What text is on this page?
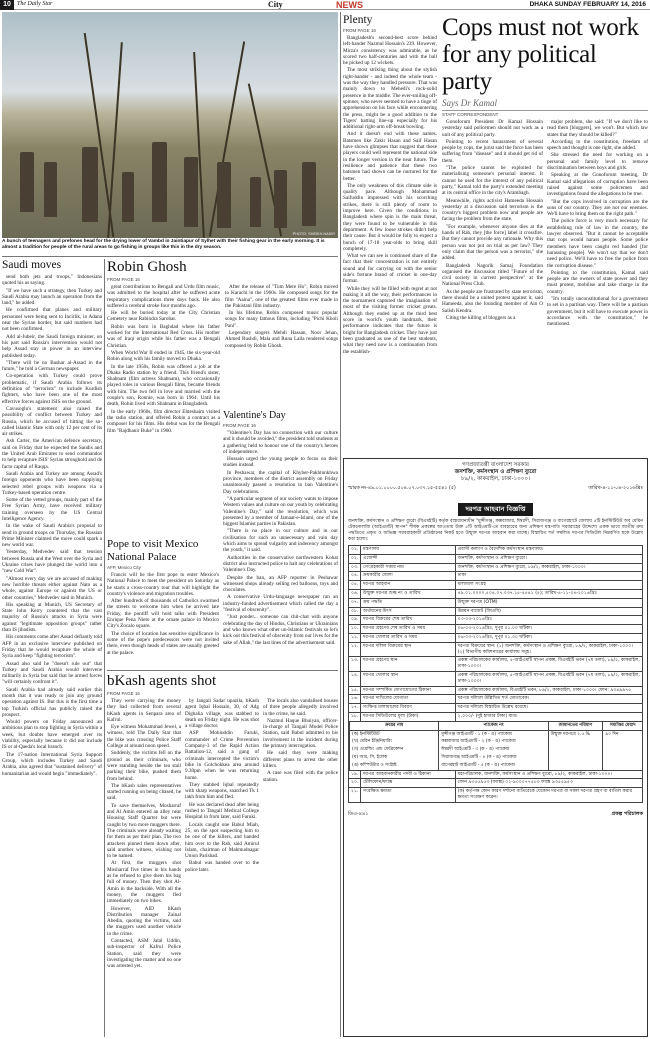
10	The Daily Star	City	NEWS	DHAKA SUNDAY FEBRUARY 14, 2016
PHOTO: SHEIKH NASIR
A bunch of teenagers and prefones head for the drying lower of Vambd in Jaintiapur of Sylhet with their fishing gear in the early morning. It is almost a tradition for people of the rural areas to go fishing in groups like this in the dry season.
Saudi moves

send both jets and troops," Indonesians quoted his as saying.

"If we have such a strategy, then Turkey and Saudi Arabia may launch an operation from the land," he added.

He confirmed that planes and military personnel were being sent to Incirlik, in Adana near the Syrian border, but said numbers had not been confirmed.

Add al-Jubeir, the Saudi foreign minister, on his part said Russia's intervention would not help Assad stay in power in an interview published today.

"There will be no Bashar al-Assad in the future," he told a German newspaper.

Co-operation with Turkey could prove problematic, if Saudi Arabia follows its definition of "terrorists" to include Kurdish fighters, who have been one of the most effective forces against ISIS on the ground.

Cavusoglu's statement also raised the possibility of conflict between Turkey and Russia, which he accused of hitting the so-called Islamic State with only 12 per cent of its air strikes.

Ash Carter, the American defence secretary, said on Friday that he expected the Saudis and the United Arab Emirates to send commandos to help recapture ISIS' Syrian stronghold and de facto capital of Raqqa.

Saudi Arabia and Turkey are among Assad's foreign opponents who have been supplying selected rebel groups with weapons via a Turkey-based operation centre.

Some of the vetted groups, mainly part of the Free Syrian Army, have received military training overseen by the US Central Intelligence Agency.

In the wake of Saudi Arabia's proposal to send in ground troops on Thursday, the Russian Prime Minister claimed the move could spark a new world war.

Yesterday, Medvedev said that tension between Russia and the West over the Syria and Ukraine crises have plunged the world into a "new Cold War".

"Almost every day we are accused of making new horrible threats either against Nato as a whole, against Europe or against the US or other countries," Medvedev said in Munich.

His speaking at Munich, US Secretary of State John Kerry countered that the vast majority of Russia's attacks in Syria were against "legitimate opposition groups" rather than IS jihadists.

His comments come after Assad defiantly told AFP in an exclusive interview published on Friday that he would recapture the whole of Syria and keep "fighting terrorism".

Assad also said he "doesn't rule out" that Turkey and Saudi Arabia would intervene militarily in Syria but said that he armed forces "will certainly confront it".

Saudi Arabia had already said earlier this month that it was ready to join any ground operation against IS. But this is the first time a top Turkish official has publicly raised the prospect.

Would powers on Friday announced an ambitious plan to stop fighting in Syria within a week, but doubts have emerged over its viability, especially because it did not include IS or al-Qaeda's local branch.

The 17-nation International Syria Support Group, which includes Turkey and Saudi Arabia, also agreed that "sustained delivery" of humanitarian aid would begin "immediately".

Robin Ghosh
FROM PAGE 16

great contributions to Bengali and Urdu film music, was admitted to the hospital after he suffered acute respiratory complications three days back. He also suffered a cerebral stroke four months ago.

He will be buried today at the City Christian Cemetery near Rabindra Sarobar.

Robin was born in Baghdad where his father worked for the International Red Cross. His mother was of Iraqi origin while his father was a Bengali Christian.

When World War II ended in 1945, the six-year-old Robin along with his family moved to Dhaka.

In the late 1950s, Robin was offered a job at the Dhaka Radio station by a friend. This friend's sister, Shabnam (film actress Shabnam), who occasionally played roles in various Bengali films, became friends with him. The two fell in love and married with the couple's son, Ronnie, was born in 1964. Until his death, Robin lived with Shabnam in Bangladesh.

In the early 1960s, film director Ehteshaim visited the radio station, and offered Robin a contract as a composer for his films. His debut was for the Bengali film "Rajdhanir Buke" in 1960.

After the release of "Tum Mere Ho", Robin moved to Karachi in the 1960s. He composed songs for the film "Aaina", one of the greatest films ever made in the Pakistani film industry.

In his lifetime, Robin composed music popular songs for many famous films, including "Pichi Kholi Pani".

Legendary singers Mehdi Hassan, Noor Jehan, Ahmed Rushdi, Mala and Runa Laila rendered songs composed by Robin Ghosh.

Valentine's Day
FROM PAGE 16

"Valentine's Day has no connection with our culture and it should be avoided," the president told students at a gathering held to honour one of the country's heroes of independence.

Hussain urged the young people to focus on their studies instead.

In Peshawar, the capital of Khyber-Pakhtunkhwa province, members of the district assembly on Friday unanimously passed a resolution to ban Valentine's Day celebrations.

"A particular segment of our society wants to impose Western values and culture on our youth by celebrating Valentine's Day," said the resolution, which was presented by a member of Jamaat-e-Islami, one of the biggest Islamist parties in Pakistan.

"There is no place in our culture and in our civilisation for such an unnecessary and vain day which aims to spread vulgarity and indecency amongst the youth," it said.

Authorities in the conservative northwestern Kohat district also instructed police to halt any celebrations of Valentine's Day.

Despite the ban, an AFP reporter in Peshawar witnessed shops already selling red balloons, toys and chocolates.

A conservative Urdu-language newspaper ran an industry-funded advertisement which called the day a "festival of obscenity".

"Just ponder... someone can chit-chat with anyone celebrating the day of Hindus, Christians or Ukrainians and who knows what other un-Islamic festivals so let's kick out this festival of obscenity from our lives for the sake of Allah," the last lines of the advertisement said.

Pope to visit Mexico National Palace
AFP, Mexico City

Francis will be the first pope to enter Mexico's National Palace to meet the president on Saturday as he starts a cross-country tour that will highlight the country's violence and migration troubles.

After hundreds of thousands of Catholics swarmed the streets to welcome him when he arrived late Friday, the pontiff will hold talks with President Enrique Pena Nieto at the ornate palace in Mexico City's Zocalo square.

The choice of location has sensitive significance in some of the pope's predecessors were not invited there, even though heads of states are usually greeted at the palace.

bKash agents shot
FROM PAGE 16

They were carrying the money they had collected from several bKash agents in Senpara area of Kafrul.

Eye witness Mohammad Jewel, a witness, told The Daily Star that the bike was crossing Police Staff College at around noon speed.

Suddenly, the victims fell on the ground as their criminals, who were standing beside the tea stall parking their bike, pushed them from behind.

The bKash sales representatives started running on being chased, he said.

To save themselves, Mosharraf and Al Amin entered an alley near Housing Staff Quarter but were caught by two more muggers there. The criminals were already waiting for them as per their plan. The two attackers pinned them down after, said another witness, wishing not to be named.

At first, the muggers shot Mosharraf five times in his hands as he refused to give them his bag full of money. Then they shot Al-Amin in the backside. With all the money, the muggers fled immediately on two bikes.

However, AID bKash Distribution manager Zainal Abedin, quoting the victims, said the muggers used another vehicle in the crime.

Contacted, ASM Jalal Uddin, sub-inspector of Kafrul Police Station, said they were investigating the matter and no one was arrested yet.

by Jangali Sadar upazila, bKash agent Iqbal Hossain, 30, of Adg Dighalia village, was stabbed to death on Friday night. He was shot a village doctor.

ASP Mohiuddin Faruki, commander of Crime Prevention Company-3 of the Rapid Action Battalion-12, said a gang of criminals intercepted the victim's bike in Golchokkea area around 9.30pm when he was returning home.

They stabbed Iqbal repeatedly with sharp weapons, snatched Tk 1 lakh from him and fled.

He was declared dead after being rushed to Tangail Medical College Hospital in from later, said Faruki.

Locals caught one Babul Miah, 25, on the spot suspecting him to be one of the killers, and handed him over to the Rab, said Amirul Islam, chairman of Mahmudnagar Union Parishad.

Babul was handed over to the police later.

The locals also vandalised houses of three people allegedly involved in the crime, he said.

Nazmul Haque Bhuiyan, officer-in-charge of Tangail Model Police Station, said Babul admitted to his involvement in the incident during the primary interrogation.

He said they were making different plans to arrest the other killers.

A case was filed with the police station.

Plenty
FROM PAGE 16

Bangladesh's second-best score behind left-hander Nazmul Hossain's 239. However, Mirza's consistency was admirable, as he scored two half-centuries and with the ball he picked up 12 wickets.

The most striking thing about the stylish right-hander - and indeed the whole team - was the way they handled pressure. That was mainly down to Mehedi's rock-solid presence in the middle. The ever-smiling off-spinner, who never seemed to have a tinge of apprehension on his face while encountering the press, might be a good addition to the Tigers' batting line-up especially for his additional right-arm off-break bowling.

And it doesn't end with these names. Batsmen like Zakir Hasan and Saif Hasan have shown glimpses that suggest that these players could well represent the national side in the longer version in the near future. The resilience and patience that these two batsmen had shown can be nurtured for the better.

The only weakness of this climate side is quality pace. Although Mohammad Saifuddin impressed with his scorching strikes, there is still plenty of room to improve here. Given the conditions in Bangladesh where spin is the main threat, they were found to be vulnerable in this department. A few loose strokes didn't help their cause. But it would be folly to expect a bunch of 17-18 year-olds to bring skill completely.

What we can see is continued share of the fact that their concentration is not entirely sound and for carrying on with the senior side's fortune brand of cricket in one-day format.

While they will be filled with regret at not making it all the way, their performances in the tournament captured the imagination of most of the visiting former cricket greats. Although they ended up at the third best score in world's youth landmark, their performance indicates that the future is bright for Bangladesh cricket. They have just been graduated as one of the best students, what they need now is a continuation from the establish-

Cops must not work for any political party
Says Dr Kamal
STAFF CORRESPONDENT

Gonoforum President Dr Kamal Hossain yesterday said policemen should not work as a unit of any political party.

Pointing to recent harassment of several people by cops, the jurist said the force has been suffering from "disease" and it should get rid of them.

"The police cannot be exploited for materialising someone's personal interest. It cannot be used for the interest of any political party," Kamal told the party's extended meeting at its central office in the city's Arambagh.

Meanwhile, rights activist Hameeda Hossain yesterday at a discussion said terrorism is the country's biggest problem now and people are facing the problem from the state.

"For example, whenever anyone dies at the hands of Rab, they [the force] label it crossfire. But they cannot provide any rationale. Why this person was not put on trial as per law? They only claim that the person was a terrorist," she added.

Bangladesh Nagorik Samaj Foundation organised the discussion titled "Future of the civil society in current perspective" at the National Press Club.

As the people are frustrated by state terrorism, there should be a united protest against it, said Hameeda, also the founding member of Ain O Salish Kendra.

Citing the killing of bloggers as a

major problem, she said: "If we don't like to read them [bloggers], we won't. But which law states that they should be killed?"

According to the constitution, freedom of speech and thought is one right, she added.

She stressed the need for working on a personal and family level to remove discrimination between boys and girls.

Speaking at the Gonoforum meeting, Dr Kamal said allegations of corruption have been raised against some policemen and investigations found the allegations to be true.

"But the cops involved in corruption are the sons of our country. They are not our enemies. We'll have to bring them on the right path."

The police force is very much necessary for establishing rule of law in the country, the lawyer observed. "But it cannot be acceptable that cops would harass people. Some police members have been caught red handed [for harassing people]. We won't say that we don't need police. We'll have to free the police from the corruption disease."

Pointing to the constitution, Kamal said people are the owners of state power and they must protest, mobilise and take charge in the country.

"It's totally unconstitutional for a government to set in a partisan way. There will be a partisan government, but it will have to execute power in accordance with the constitution," he mentioned.

গণপ্রজাতন্ত্রী বাংলাদেশ সরকার
জনশক্তি, কর্মসংস্থান ও প্রশিক্ষণ ব্যুরো
৮৯/২, কাকরাইল, ঢাকা-১০০০।
স্মারক নং-৪৯.০১.০০০০.৫০৪.০৭.০৩৭.১৫-৫৫৪১ (৫)	তারিখ-৪-১১-০৪-২০১৬খ্রিঃ
দরপত্র আহবান বিজ্ঞপ্তি
জনশক্তি, কর্মসংস্থান ও প্রশিক্ষণ ব্যুরো (বিএমইটি) কর্তৃক বাস্তবায়নাধীন "মুন্সীগঞ্জ, কক্সবাজার, ঈশ্বরদী, সিরাজগঞ্জ ও বাগেরহাটে জেলায় ৫টি ইনস্টিটিউট অব মেরিন টেকনোলজি (আইএমটি) স্থাপন" শীর্ষক প্রকল্পের আওতায় উক্ত ৫টি আইএমটি-তে ব্যবহারের জন্য প্রশিক্ষণ যন্ত্রপাতি সরবরাহের উদ্দেশ্যে একক ভাবে জাতীয় ক্রয় পদ্ধতিতে প্রকৃত ও অভিজ্ঞ সরবরাহকারী প্রতিষ্ঠানের নিকট হতে উন্মুক্ত দরপত্র আহবান করা যাচ্ছে। বিস্তারিত শর্ত সম্বলিত দরপত্র সিডিউল নিম্নবর্ণিত ছকে উল্লেখ করা হলোঃ
০১. মন্ত্রণালয়	প্রবাসী কল্যাণ ও বৈদেশিক কর্মসংস্থান মন্ত্রণালয়।
০২. এজেন্সী	জনশক্তি, কর্মসংস্থান ও প্রশিক্ষণ ব্যুরো।
০৩. সেংগ্রহকারী সত্তার নাম	জনশক্তি, কর্মসংস্থান ও প্রশিক্ষণ ব্যুরো, ৮৯/২, কাকরাইল, ঢাকা-১০০০।
০৪. ক্রয়কারীর জেলা	ঢাকা
০৫. দরপত্র আহবান	মালামাল সংগ্রহ
০৬. উন্মুক্ত দরপত্র শুল্ক নং ও তারিখ	৪৯.০১.০০০০.৫০৪.০৭.০৩৭.১৫-৫৫৪১ (৫); তারিখ-৪-১১-০৪-২০১৬খ্রিঃ
০৭. ক্রয় পদ্ধতি	উন্মুক্ত দরপত্র (OTM)
০৮. অর্থায়নের উৎস	উন্নয়ন বাজেট (জিওবি)
০৯. দরপত্র বিক্রয়ের শেষ তারিখ	০৩-০৩-২০১৬খ্রিঃ
১০. দরপত্র গ্রহণের শেষ তারিখ ও সময়	০৬-০৩-২০১৬খ্রিঃ, দুপুর ০১.০০ ঘটিকা।
১১. দরপত্র খোলার তারিখ ও সময়	০৬-০৩-২০১৬খ্রিঃ, দুপুর ০১.৩০ ঘটিকা।
১২. দরপত্র দলিল বিক্রয়ের স্থান	দরপত্র বিক্রয়ের স্থান: (১) জনশক্তি, কর্মসংস্থান ও প্রশিক্ষণ ব্যুরো, ৮৯/২, কাকরাইল, ঢাকা-১০০০। (২) বিভাগীয় কমিশনারের কার্যালয় সমূহ।
১৩. দরপত্র গ্রহণের স্থান	প্রকল্প পরিচালকের কার্যালয়, ৫-আইএমটি স্থাপন প্রকল্প, বিএমইটি ভবন (৭ম তলা), ৮৯/২, কাকরাইল, ঢাকা-১০০০।
১৪. দরপত্র খোলার স্থান	প্রকল্প পরিচালকের কার্যালয়, ৫-আইএমটি স্থাপন প্রকল্প, বিএমইটি ভবন (৭ম তলা), ৮৯/২, কাকরাইল, ঢাকা-১০০০।
১৫. দরপত্র সম্পর্কিত যোগাযোগের ঠিকানা	প্রকল্প পরিচালকের কার্যালয়, বিএমইটি ভবন, ৮৯/২, কাকরাইল, ঢাকা-১০০০। ফোন: ৯৩৪৯৯৭৫
১৬. দরপত্র দাখিলের যোগ্যতা	দরপত্র দলিলে উল্লিখিত শর্ত মোতাবেক।
১৭. সংক্ষিপ্ত মালামালের বিবরণ	দরপত্র দলিলে বিস্তারিত উল্লেখ রয়েছে।
১৮. দরপত্র সিডিউলের মূল্য (টাকা)	২,০০০/- (দুই হাজার টাকা) মাত্র।
ক্রয়ের নাম	প্যাকেজ নং	জামানতের পরিমাণ	সমাপ্তির মেয়াদ
(ক) ইনস্টিটিউট	মুন্সীগঞ্জ আইএমটি - ১ (ক - ঙ) প্যাকেজ	উন্মুক্ত দরপত্রে ২.৫ %	৯০ দিন
(খ) মেরিন ইঞ্জিনিয়ারিং	কক্সবাজার আইএমটি - ২ (ক - ঙ) প্যাকেজ
(গ) ওয়েল্ডিং এন্ড ফেব্রিকেশন	ঈশ্বরদী আইএমটি - ৩ (ক - ঙ) প্যাকেজ
(ঘ) আর, সি, ইলেক	সিরাজগঞ্জ আইএমটি - ৪ (ক - ঙ) প্যাকেজ
(ঙ) কম্পিউটার ও সংশ্লিষ্ট	বাগেরহাট আইএমটি - ৫ (ক - ঙ) প্যাকেজ
১৯. দরপত্র আহবানকারীর পদবী ও ঠিকানা	মহাপরিচালক, জনশক্তি, কর্মসংস্থান ও প্রশিক্ষণ ব্যুরো, ৮৯/২, কাকরাইল, ঢাকা-১০০০।
২০. টেলিফোন/ফ্যাক্স	ফোন ৯৩৫৫৯৫৩ (ফ্যাক্স) ০২-৯০০০৭৭৫৮০ ফ্যাক্স ৯৩৫৫৯৫৩
২১. সংরক্ষিত ক্ষমতা	(ক) কর্তৃপক্ষ কোন কারণ দর্শানো ব্যতিরেকে যেকোন দরপত্র বা সকল দরপত্র গ্রহণ বা বাতিল করার ক্ষমতা সংরক্ষণ করেন।
ডিএ-৪৪১	প্রকল্প পরিচালক
